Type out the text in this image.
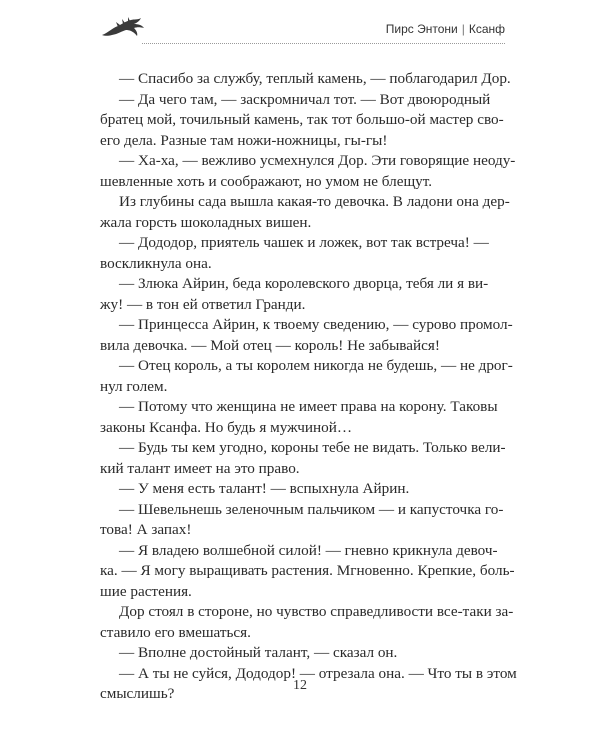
Пирс Энтони | Ксанф

— Спасибо за службу, теплый камень, — поблагодарил Дор.

— Да чего там, — заскромничал тот. — Вот двоюродный

братец мой, точильный камень, так тот большо-ой мастер сво-

его дела. Разные там ножи-ножницы, гы-гы!

— Ха-ха, — вежливо усмехнулся Дор. Эти говорящие неоду-

шевленные хоть и соображают, но умом не блещут.

Из глубины сада вышла какая-то девочка. В ладони она дер-

жала горсть шоколадных вишен.

— Дододор, приятель чашек и ложек, вот так встреча! —

воскликнула она.

— Злюка Айрин, беда королевского дворца, тебя ли я ви-

жу! — в тон ей ответил Гранди.

— Принцесса Айрин, к твоему сведению, — сурово промол-

вила девочка. — Мой отец — король! Не забывайся!

— Отец король, а ты королем никогда не будешь, — не дрог-

нул голем.

— Потому что женщина не имеет права на корону. Таковы

законы Ксанфа. Но будь я мужчиной…

— Будь ты кем угодно, короны тебе не видать. Только вели-

кий талант имеет на это право.

— У меня есть талант! — вспыхнула Айрин.

— Шевельнешь зеленочным пальчиком — и капусточка го-

това! А запах!

— Я владею волшебной силой! — гневно крикнула девоч-

ка. — Я могу выращивать растения. Мгновенно. Крепкие, боль-

шие растения.

Дор стоял в стороне, но чувство справедливости все-таки за-

ставило его вмешаться.

— Вполне достойный талант, — сказал он.

— А ты не суйся, Дододор! — отрезала она. — Что ты в этом

смыслишь?	12
